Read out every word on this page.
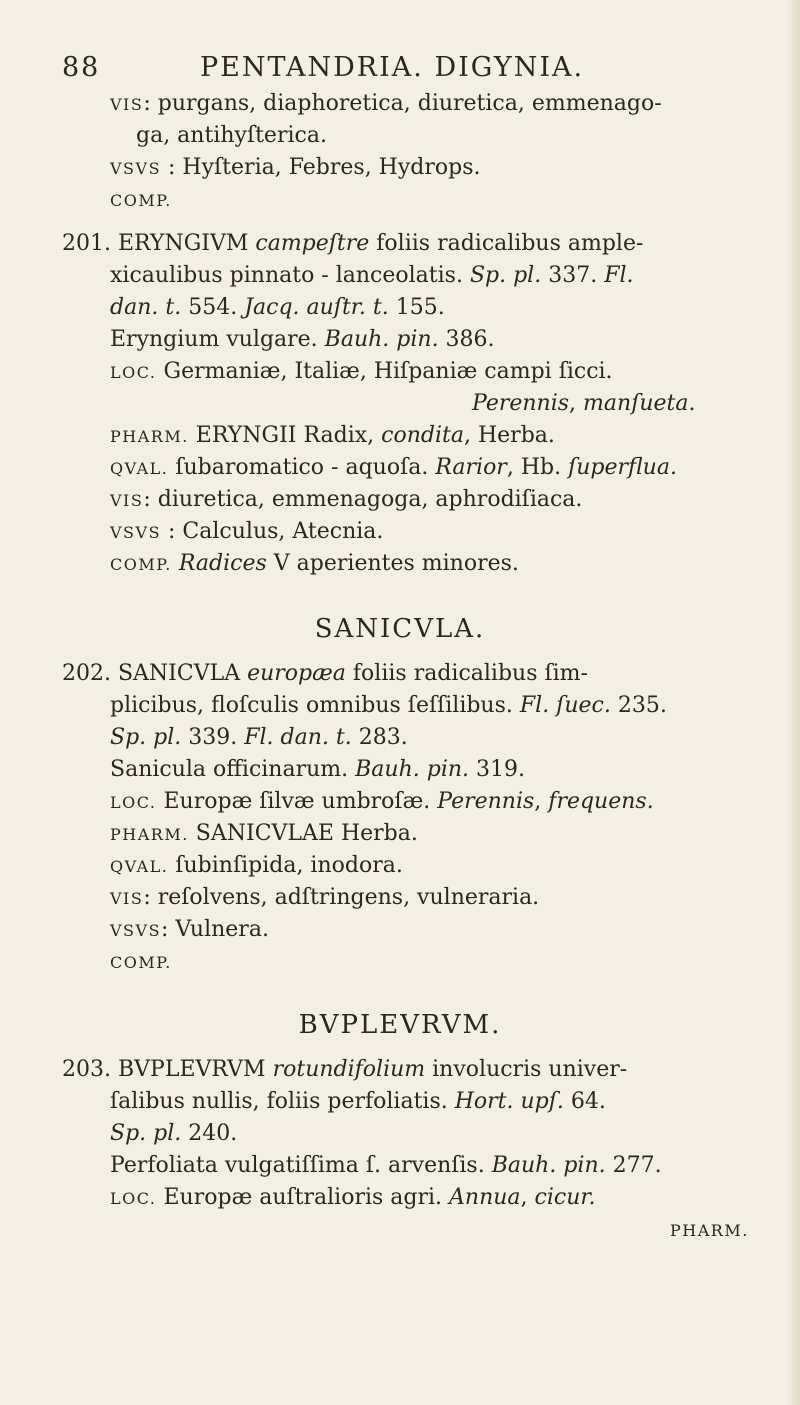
88	PENTANDRIA. DIGYNIA.
VIS: purgans, diaphoretica, diuretica, emmenago-
ga, antihyſterica.
VSVS : Hyſteria, Febres, Hydrops.
COMP.
201. ERYNGIVM campeſtre foliis radicalibus ample-
xicaulibus pinnato - lanceolatis. Sp. pl. 337. Fl.
dan. t. 554. Jacq. auſtr. t. 155.
Eryngium vulgare. Bauh. pin. 386.
LOC. Germaniæ, Italiæ, Hiſpaniæ campi ſicci.
Perennis, manſueta.
PHARM. ERYNGII Radix, condita, Herba.
QVAL. ſubaromatico - aquoſa. Rarior, Hb. ſuperflua.
VIS: diuretica, emmenagoga, aphrodiſiaca.
VSVS : Calculus, Atecnia.
COMP. Radices V aperientes minores.
202. SANICVLA europæa foliis radicalibus ſim-
plicibus, floſculis omnibus ſeſſilibus. Fl. ſuec. 235.
Sp. pl. 339. Fl. dan. t. 283.
Sanicula officinarum. Bauh. pin. 319.
LOC. Europæ ſilvæ umbroſæ. Perennis, frequens.
PHARM. SANICVLAE Herba.
QVAL. ſubinſipida, inodora.
VIS: reſolvens, adſtringens, vulneraria.
VSVS: Vulnera.
COMP.
203. BVPLEVRVM rotundifolium involucris univer-
ſalibus nullis, foliis perfoliatis. Hort. upſ. 64.
Sp. pl. 240.
Perfoliata vulgatiſſima ſ. arvenſis. Bauh. pin. 277.
LOC. Europæ auſtralioris agri. Annua, cicur.
PHARM.
SANICVLA.
BVPLEVRVM.
